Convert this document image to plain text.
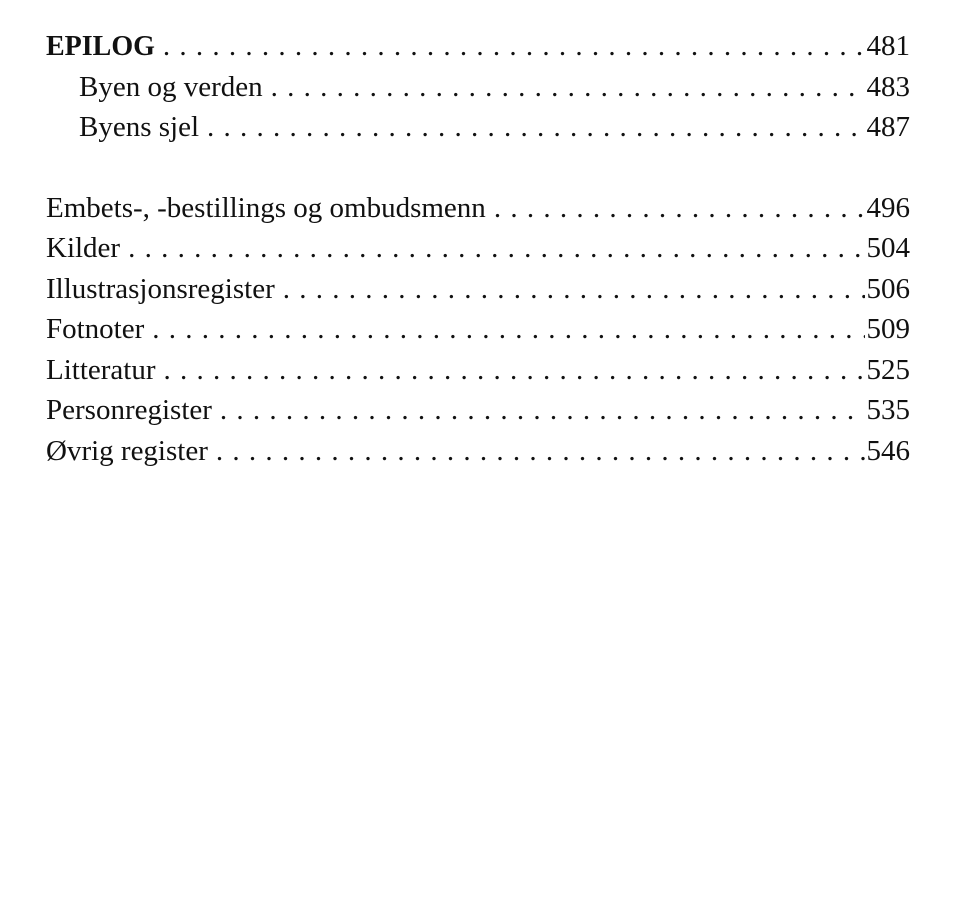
EPILOG . . .	481
Byen og verden . . .	483
Byens sjel . . .	487
Embets-, -bestillings og ombudsmenn . . .	496
Kilder . . .	504
Illustrasjonsregister . . .	506
Fotnoter . . .	509
Litteratur . . .	525
Personregister . . .	535
Øvrig register . . .	546
